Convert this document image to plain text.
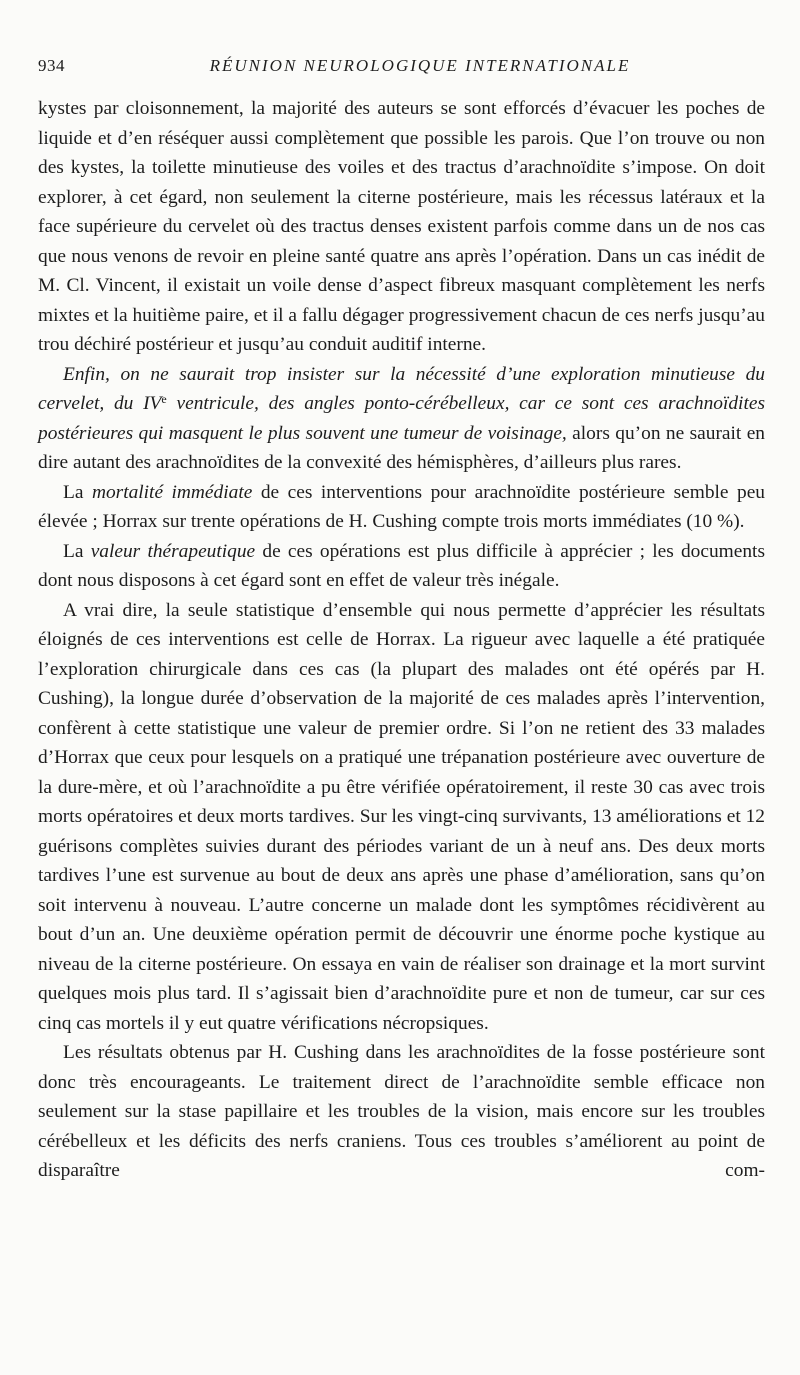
934	RÉUNION NEUROLOGIQUE INTERNATIONALE

kystes par cloisonnement, la majorité des auteurs se sont efforcés d’évacuer les poches de liquide et d’en réséquer aussi complètement que possible les parois. Que l’on trouve ou non des kystes, la toilette minutieuse des voiles et des tractus d’arachnoïdite s’impose. On doit explorer, à cet égard, non seulement la citerne postérieure, mais les récessus latéraux et la face supérieure du cervelet où des tractus denses existent parfois comme dans un de nos cas que nous venons de revoir en pleine santé quatre ans après l’opération. Dans un cas inédit de M. Cl. Vincent, il existait un voile dense d’aspect fibreux masquant complètement les nerfs mixtes et la huitième paire, et il a fallu dégager progressivement chacun de ces nerfs jusqu’au trou déchiré postérieur et jusqu’au conduit auditif interne.

Enfin, on ne saurait trop insister sur la nécessité d’une exploration minutieuse du cervelet, du IVe ventricule, des angles ponto-cérébelleux, car ce sont ces arachnoïdites postérieures qui masquent le plus souvent une tumeur de voisinage, alors qu’on ne saurait en dire autant des arachnoïdites de la convexité des hémisphères, d’ailleurs plus rares.

La mortalité immédiate de ces interventions pour arachnoïdite postérieure semble peu élevée ; Horrax sur trente opérations de H. Cushing compte trois morts immédiates (10 %).

La valeur thérapeutique de ces opérations est plus difficile à apprécier ; les documents dont nous disposons à cet égard sont en effet de valeur très inégale.

A vrai dire, la seule statistique d’ensemble qui nous permette d’apprécier les résultats éloignés de ces interventions est celle de Horrax. La rigueur avec laquelle a été pratiquée l’exploration chirurgicale dans ces cas (la plupart des malades ont été opérés par H. Cushing), la longue durée d’observation de la majorité de ces malades après l’intervention, confèrent à cette statistique une valeur de premier ordre. Si l’on ne retient des 33 malades d’Horrax que ceux pour lesquels on a pratiqué une trépanation postérieure avec ouverture de la dure-mère, et où l’arachnoïdite a pu être vérifiée opératoirement, il reste 30 cas avec trois morts opératoires et deux morts tardives. Sur les vingt-cinq survivants, 13 améliorations et 12 guérisons complètes suivies durant des périodes variant de un à neuf ans. Des deux morts tardives l’une est survenue au bout de deux ans après une phase d’amélioration, sans qu’on soit intervenu à nouveau. L’autre concerne un malade dont les symptômes récidivèrent au bout d’un an. Une deuxième opération permit de découvrir une énorme poche kystique au niveau de la citerne postérieure. On essaya en vain de réaliser son drainage et la mort survint quelques mois plus tard. Il s’agissait bien d’arachnoïdite pure et non de tumeur, car sur ces cinq cas mortels il y eut quatre vérifications nécropsiques.

Les résultats obtenus par H. Cushing dans les arachnoïdites de la fosse postérieure sont donc très encourageants. Le traitement direct de l’arachnoïdite semble efficace non seulement sur la stase papillaire et les troubles de la vision, mais encore sur les troubles cérébelleux et les déficits des nerfs craniens. Tous ces troubles s’améliorent au point de disparaître com-
